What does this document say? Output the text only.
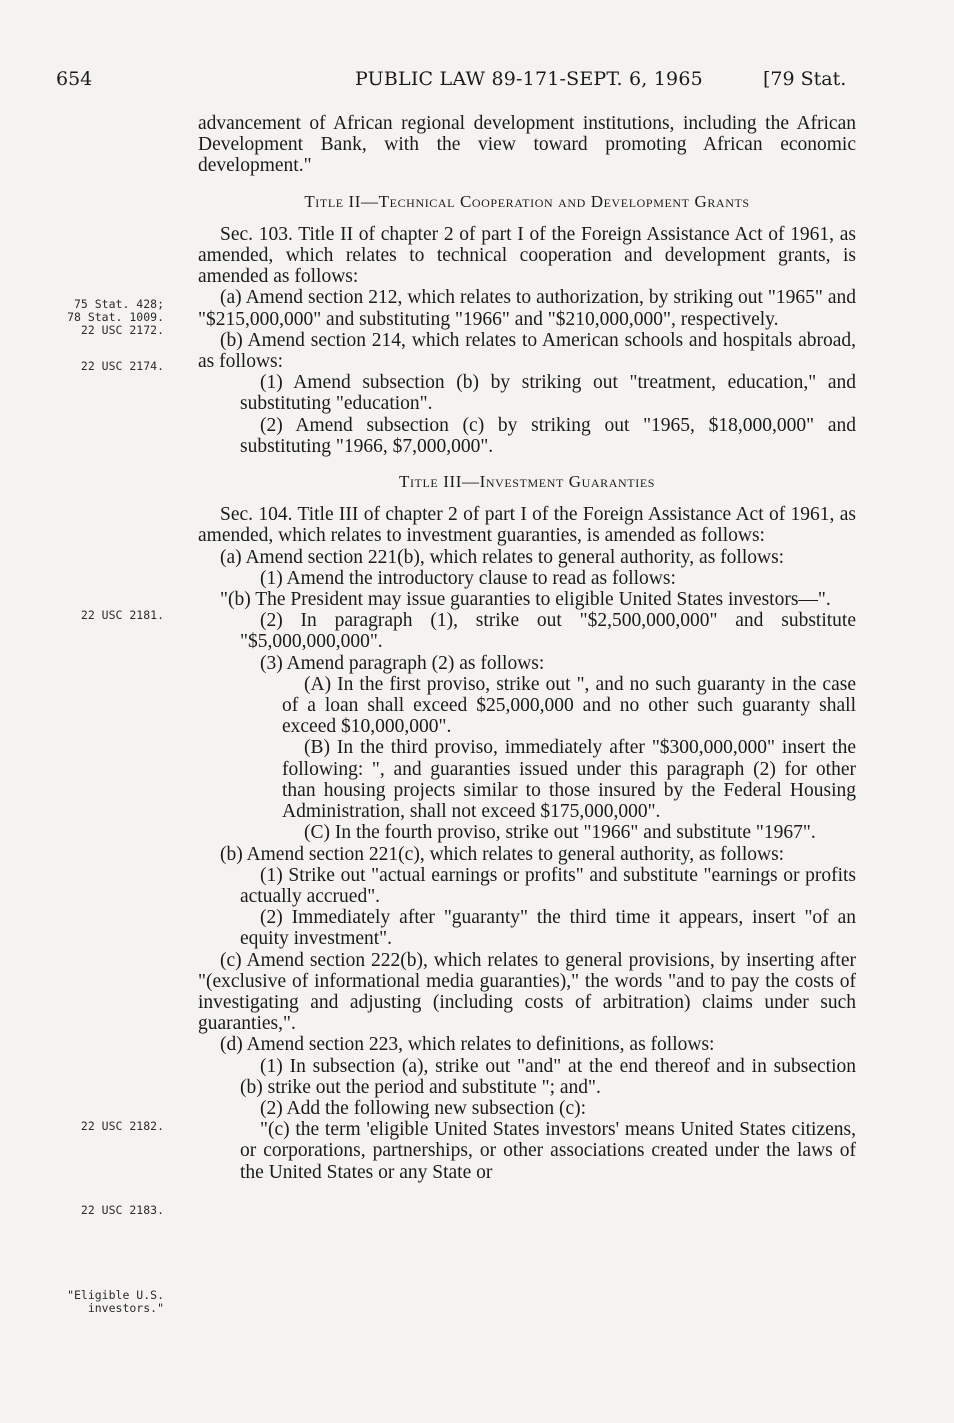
654	PUBLIC LAW 89-171-SEPT. 6, 1965	[79 Stat.
75 Stat. 428;
78 Stat. 1009.
22 USC 2172.
22 USC 2174.
22 USC 2181.
22 USC 2182.
22 USC 2183.
"Eligible U.S.
investors."

advancement of African regional development institutions, including the African Development Bank, with the view toward promoting African economic development."

Title II—Technical Cooperation and Development Grants

Sec. 103. Title II of chapter 2 of part I of the Foreign Assistance Act of 1961, as amended, which relates to technical cooperation and development grants, is amended as follows:

(a) Amend section 212, which relates to authorization, by striking out "1965" and "$215,000,000" and substituting "1966" and "$210,000,000", respectively.

(b) Amend section 214, which relates to American schools and hospitals abroad, as follows:

(1) Amend subsection (b) by striking out "treatment, education," and substituting "education".

(2) Amend subsection (c) by striking out "1965, $18,000,000" and substituting "1966, $7,000,000".

Title III—Investment Guaranties

Sec. 104. Title III of chapter 2 of part I of the Foreign Assistance Act of 1961, as amended, which relates to investment guaranties, is amended as follows:

(a) Amend section 221(b), which relates to general authority, as follows:

(1) Amend the introductory clause to read as follows:

"(b) The President may issue guaranties to eligible United States investors—".

(2) In paragraph (1), strike out "$2,500,000,000" and substitute "$5,000,000,000".

(3) Amend paragraph (2) as follows:

(A) In the first proviso, strike out ", and no such guaranty in the case of a loan shall exceed $25,000,000 and no other such guaranty shall exceed $10,000,000".

(B) In the third proviso, immediately after "$300,000,000" insert the following: ", and guaranties issued under this paragraph (2) for other than housing projects similar to those insured by the Federal Housing Administration, shall not exceed $175,000,000".

(C) In the fourth proviso, strike out "1966" and substitute "1967".

(b) Amend section 221(c), which relates to general authority, as follows:

(1) Strike out "actual earnings or profits" and substitute "earnings or profits actually accrued".

(2) Immediately after "guaranty" the third time it appears, insert "of an equity investment".

(c) Amend section 222(b), which relates to general provisions, by inserting after "(exclusive of informational media guaranties)," the words "and to pay the costs of investigating and adjusting (including costs of arbitration) claims under such guaranties,".

(d) Amend section 223, which relates to definitions, as follows:

(1) In subsection (a), strike out "and" at the end thereof and in subsection (b) strike out the period and substitute "; and".

(2) Add the following new subsection (c):

"(c) the term 'eligible United States investors' means United States citizens, or corporations, partnerships, or other associations created under the laws of the United States or any State or
